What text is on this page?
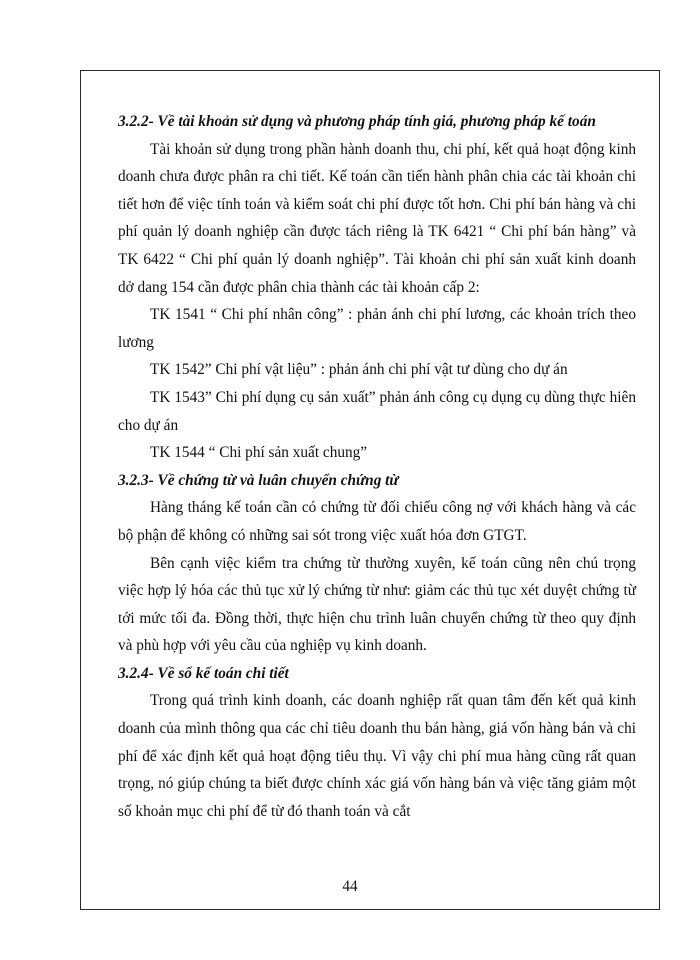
3.2.2- Về tài khoản sử dụng và phương pháp tính giá, phương pháp kế toán

Tài khoản sử dụng trong phần hành doanh thu, chi phí, kết quả hoạt động kinh doanh chưa được phân ra chi tiết. Kế toán cần tiến hành phân chia các tài khoản chi tiết hơn để việc tính toán và kiểm soát chi phí được tốt hơn. Chi phí bán hàng và chi phí quản lý doanh nghiệp cần được tách riêng là TK 6421 “ Chi phí bán hàng” và TK 6422 “ Chi phí quản lý doanh nghiệp”. Tài khoản chi phí sản xuất kinh doanh dở dang 154 cần được phân chia thành các tài khoản cấp 2:

TK 1541 “ Chi phí nhân công” : phản ánh chi phí lương, các khoản trích theo lương

TK 1542” Chi phí vật liệu” : phản ánh chi phí vật tư dùng cho dự án

TK 1543” Chi phí dụng cụ sản xuất” phản ánh công cụ dụng cụ dùng thực hiên cho dự án

TK 1544 “ Chi phí sản xuất chung”

3.2.3- Về chứng từ và luân chuyển chứng từ

Hàng tháng kế toán cần có chứng từ đối chiếu công nợ với khách hàng và các bộ phận để không có những sai sót trong việc xuất hóa đơn GTGT.

Bên cạnh việc kiểm tra chứng từ thường xuyên, kế toán cũng nên chú trọng việc hợp lý hóa các thủ tục xử lý chứng từ như: giảm các thủ tục xét duyệt chứng từ tới mức tối đa. Đồng thời, thực hiện chu trình luân chuyển chứng từ theo quy định và phù hợp với yêu cầu của nghiệp vụ kinh doanh.

3.2.4- Về sổ kế toán chi tiết

Trong quá trình kinh doanh, các doanh nghiệp rất quan tâm đến kết quả kinh doanh của mình thông qua các chỉ tiêu doanh thu bán hàng, giá vốn hàng bán và chi phí để xác định kết quả hoạt động tiêu thụ. Vì vậy chi phí mua hàng cũng rất quan trọng, nó giúp chúng ta biết được chính xác giá vốn hàng bán và việc tăng giảm một số khoản mục chi phí để từ đó thanh toán và cắt

44
